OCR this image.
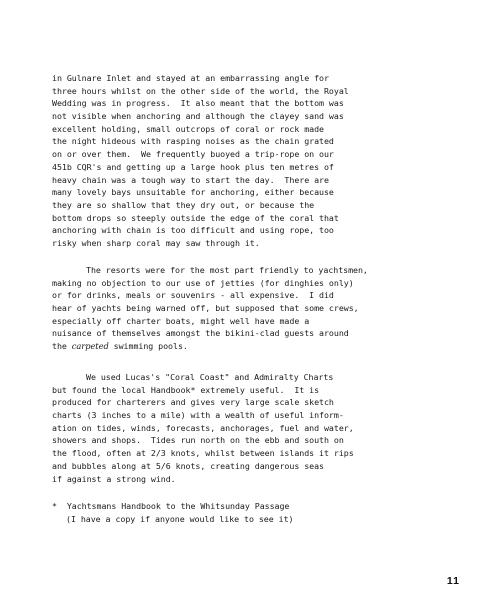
in Gulnare Inlet and stayed at an embarrassing angle for
three hours whilst on the other side of the world, the Royal
Wedding was in progress.  It also meant that the bottom was
not visible when anchoring and although the clayey sand was
excellent holding, small outcrops of coral or rock made
the night hideous with rasping noises as the chain grated
on or over them.  We frequently buoyed a trip-rope on our
451b CQR's and getting up a large hook plus ten metres of
heavy chain was a tough way to start the day.  There are
many lovely bays unsuitable for anchoring, either because
they are so shallow that they dry out, or because the
bottom drops so steeply outside the edge of the coral that
anchoring with chain is too difficult and using rope, too
risky when sharp coral may saw through it.
The resorts were for the most part friendly to yachtsmen,
making no objection to our use of jetties (for dinghies only)
or for drinks, meals or souvenirs - all expensive.  I did
hear of yachts being warned off, but supposed that some crews,
especially off charter boats, might well have made a
nuisance of themselves amongst the bikini-clad guests around
the carpeted swimming pools.
We used Lucas's "Coral Coast" and Admiralty Charts
but found the local Handbook* extremely useful.  It is
produced for charterers and gives very large scale sketch
charts (3 inches to a mile) with a wealth of useful inform-
ation on tides, winds, forecasts, anchorages, fuel and water,
showers and shops.  Tides run north on the ebb and south on
the flood, often at 2/3 knots, whilst between islands it rips
and bubbles along at 5/6 knots, creating dangerous seas
if against a strong wind.
*  Yachtsmans Handbook to the Whitsunday Passage
(I have a copy if anyone would like to see it)
11
